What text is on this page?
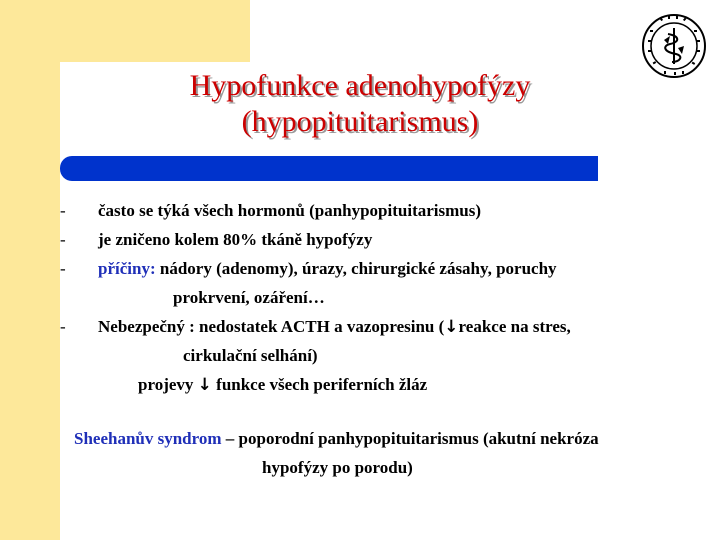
Hypofunkce adenohypofýzy
(hypopituitarismus)
-	často se týká všech hormonů (panhypopituitarismus)
-	je zničeno kolem 80% tkáně hypofýzy
-	příčiny: nádory (adenomy), úrazy, chirurgické zásahy, poruchy
prokrvení, ozáření…
-	Nebezpečný : nedostatek ACTH a vazopresinu (↓reakce na stres,
cirkulační selhání)
projevy ↓ funkce všech periferních žláz
Sheehanův syndrom – poporodní panhypopituitarismus (akutní nekróza
hypofýzy po porodu)
